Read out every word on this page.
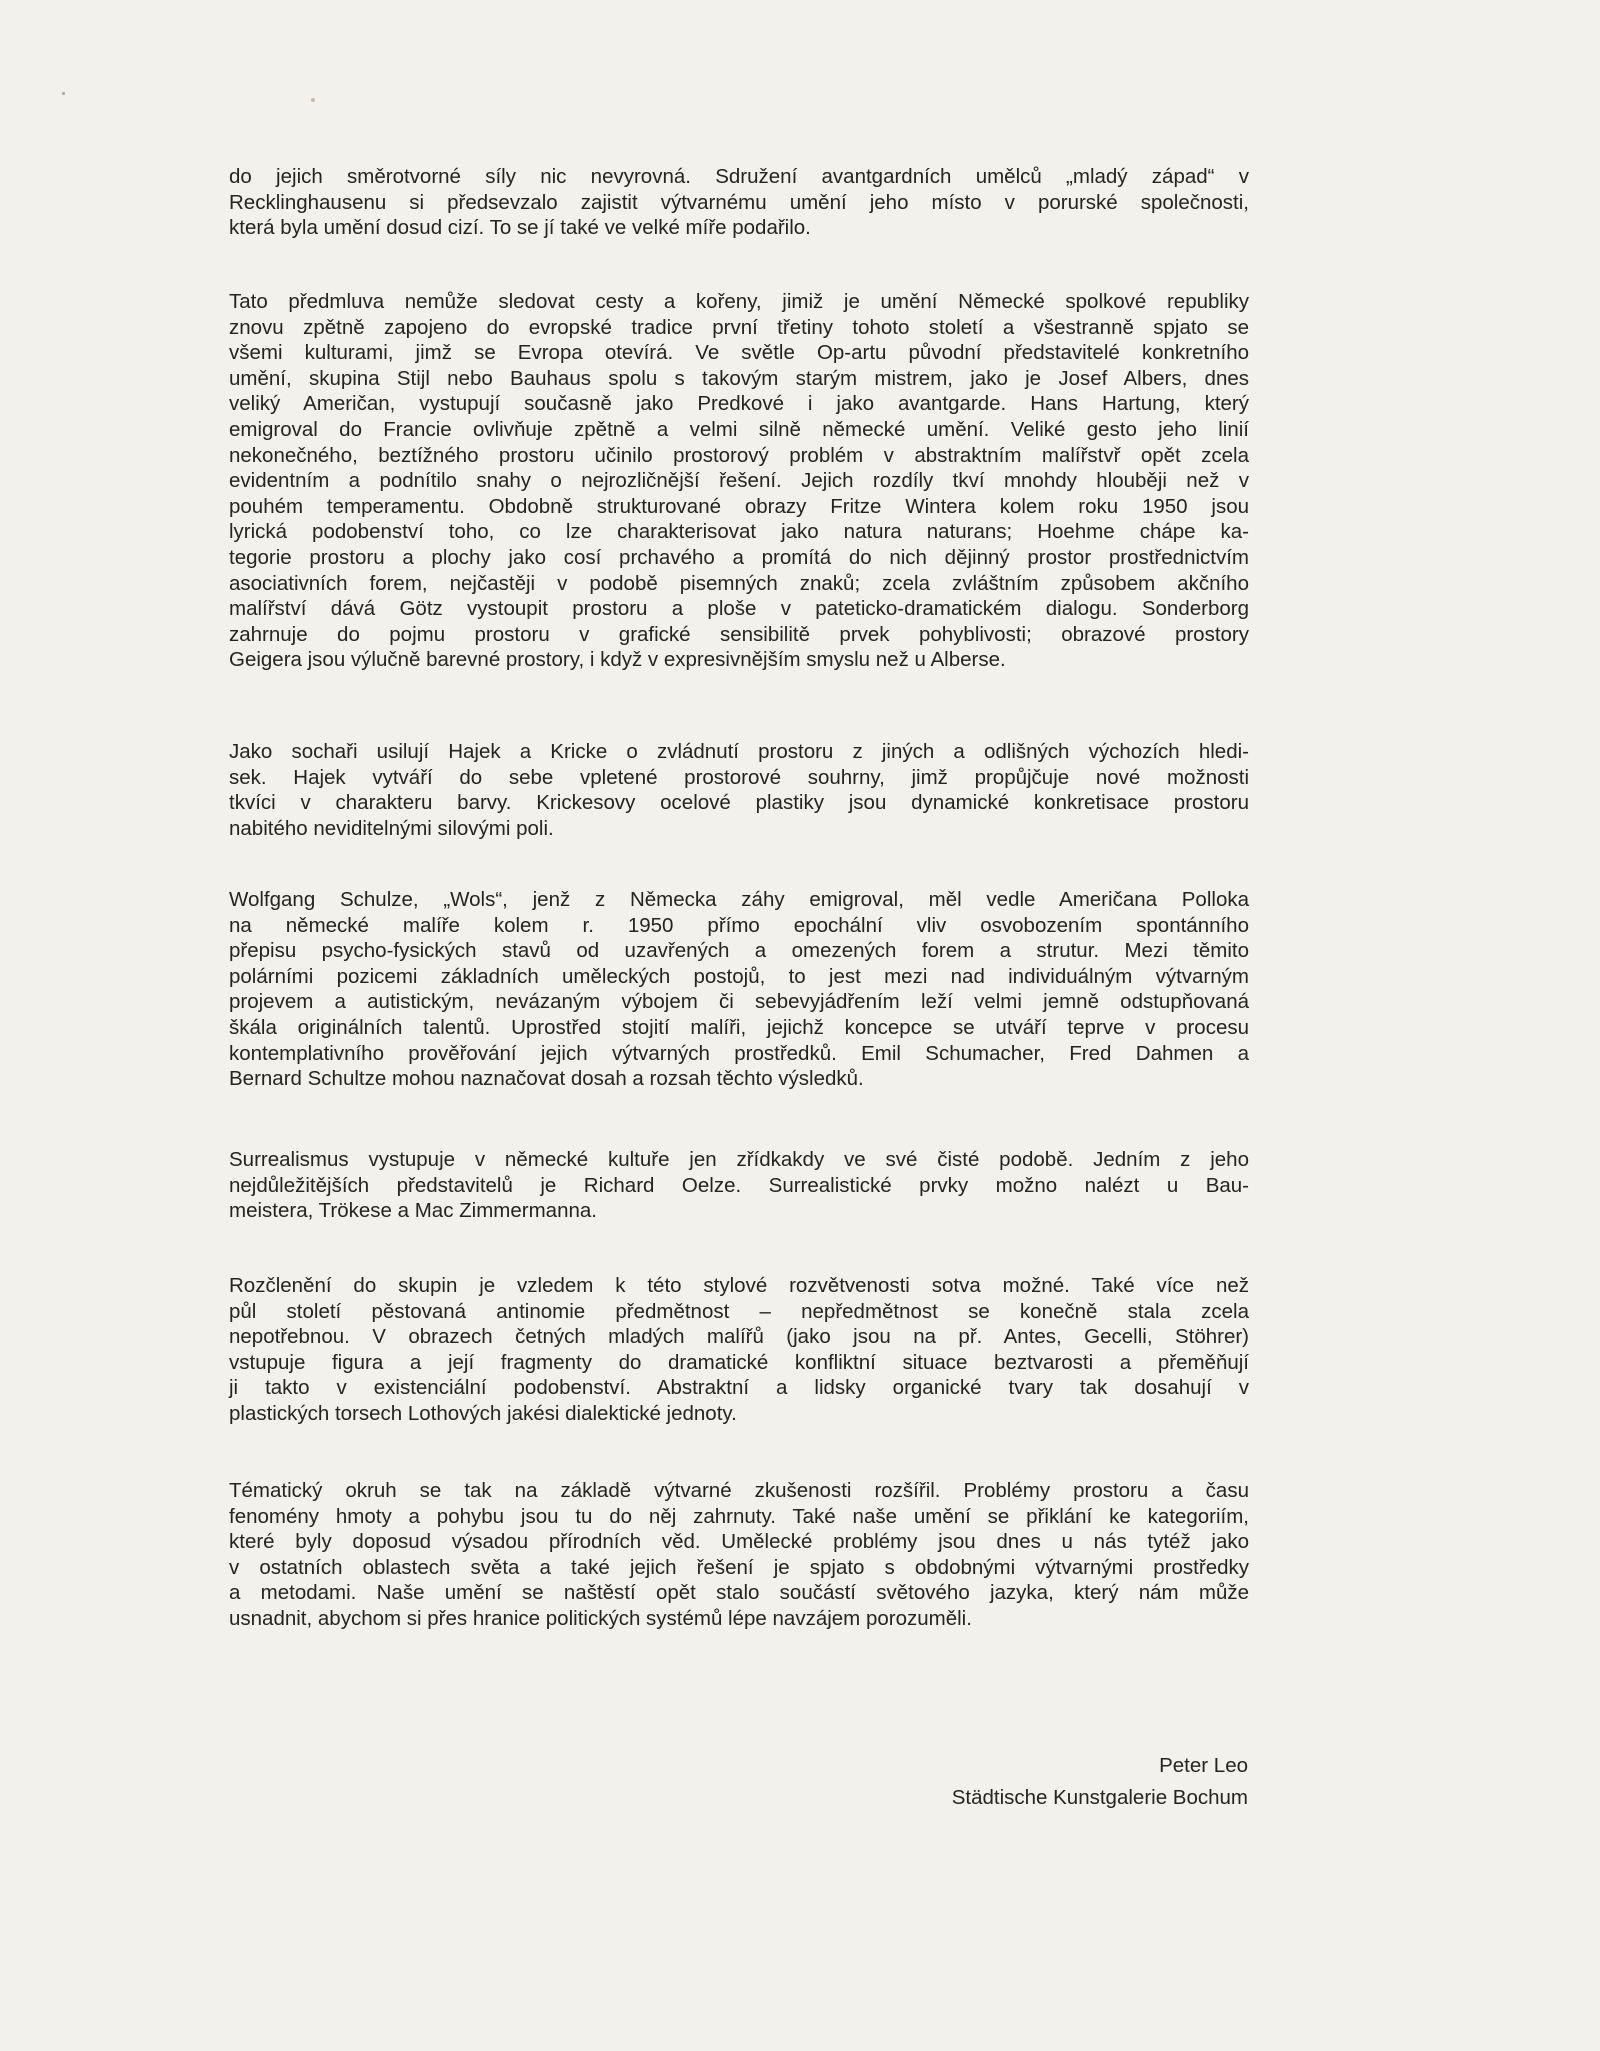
do jejich směrotvorné síly nic nevyrovná. Sdružení avantgardních umělců „mladý západ“ v
Recklinghausenu si předsevzalo zajistit výtvarnému umění jeho místo v porurské společnosti,
která byla umění dosud cizí. To se jí také ve velké míře podařilo.
Tato předmluva nemůže sledovat cesty a kořeny, jimiž je umění Německé spolkové republiky
znovu zpětně zapojeno do evropské tradice první třetiny tohoto století a všestranně spjato se
všemi kulturami, jimž se Evropa otevírá. Ve světle Op-artu původní představitelé konkretního
umění, skupina Stijl nebo Bauhaus spolu s takovým starým mistrem, jako je Josef Albers, dnes
veliký Američan, vystupují současně jako Predkové i jako avantgarde. Hans Hartung, který
emigroval do Francie ovlivňuje zpětně a velmi silně německé umění. Veliké gesto jeho linií
nekonečného, beztížného prostoru učinilo prostorový problém v abstraktním malířstvř opět zcela
evidentním a podnítilo snahy o nejrozličnější řešení. Jejich rozdíly tkví mnohdy hlouběji než v
pouhém temperamentu. Obdobně strukturované obrazy Fritze Wintera kolem roku 1950 jsou
lyrická podobenství toho, co lze charakterisovat jako natura naturans; Hoehme chápe ka-
tegorie prostoru a plochy jako cosí prchavého a promítá do nich dějinný prostor prostřednictvím
asociativních forem, nejčastěji v podobě pisemných znaků; zcela zvláštním způsobem akčního
malířství dává Götz vystoupit prostoru a ploše v pateticko-dramatickém dialogu. Sonderborg
zahrnuje do pojmu prostoru v grafické sensibilitě prvek pohyblivosti; obrazové prostory
Geigera jsou výlučně barevné prostory, i když v expresivnějším smyslu než u Alberse.
Jako sochaři usilují Hajek a Kricke o zvládnutí prostoru z jiných a odlišných výchozích hledi-
sek. Hajek vytváří do sebe vpletené prostorové souhrny, jimž propůjčuje nové možnosti
tkvíci v charakteru barvy. Krickesovy ocelové plastiky jsou dynamické konkretisace prostoru
nabitého neviditelnými silovými poli.
Wolfgang Schulze, „Wols“, jenž z Německa záhy emigroval, měl vedle Američana Polloka
na německé malíře kolem r. 1950 přímo epochální vliv osvobozením spontánního
přepisu psycho-fysických stavů od uzavřených a omezených forem a strutur. Mezi těmito
polárními pozicemi základních uměleckých postojů, to jest mezi nad individuálným výtvarným
projevem a autistickým, nevázaným výbojem či sebevyjádřením leží velmi jemně odstupňovaná
škála originálních talentů. Uprostřed stojití malíři, jejichž koncepce se utváří teprve v procesu
kontemplativního prověřování jejich výtvarných prostředků. Emil Schumacher, Fred Dahmen a
Bernard Schultze mohou naznačovat dosah a rozsah těchto výsledků.
Surrealismus vystupuje v německé kultuře jen zřídkakdy ve své čisté podobě. Jedním z jeho
nejdůležitějších představitelů je Richard Oelze. Surrealistické prvky možno nalézt u Bau-
meistera, Trökese a Mac Zimmermanna.
Rozčlenění do skupin je vzledem k této stylové rozvětvenosti sotva možné. Také více než
půl století pěstovaná antinomie předmětnost – nepředmětnost se konečně stala zcela
nepotřebnou. V obrazech četných mladých malířů (jako jsou na př. Antes, Gecelli, Stöhrer)
vstupuje figura a její fragmenty do dramatické konfliktní situace beztvarosti a přeměňují
ji takto v existenciální podobenství. Abstraktní a lidsky organické tvary tak dosahují v
plastických torsech Lothových jakési dialektické jednoty.
Tématický okruh se tak na základě výtvarné zkušenosti rozšířil. Problémy prostoru a času
fenomény hmoty a pohybu jsou tu do něj zahrnuty. Také naše umění se přiklání ke kategoriím,
které byly doposud výsadou přírodních věd. Umělecké problémy jsou dnes u nás tytéž jako
v ostatních oblastech světa a také jejich řešení je spjato s obdobnými výtvarnými prostředky
a metodami. Naše umění se naštěstí opět stalo součástí světového jazyka, který nám může
usnadnit, abychom si přes hranice politických systémů lépe navzájem porozuměli.
Peter Leo
Städtische Kunstgalerie Bochum
